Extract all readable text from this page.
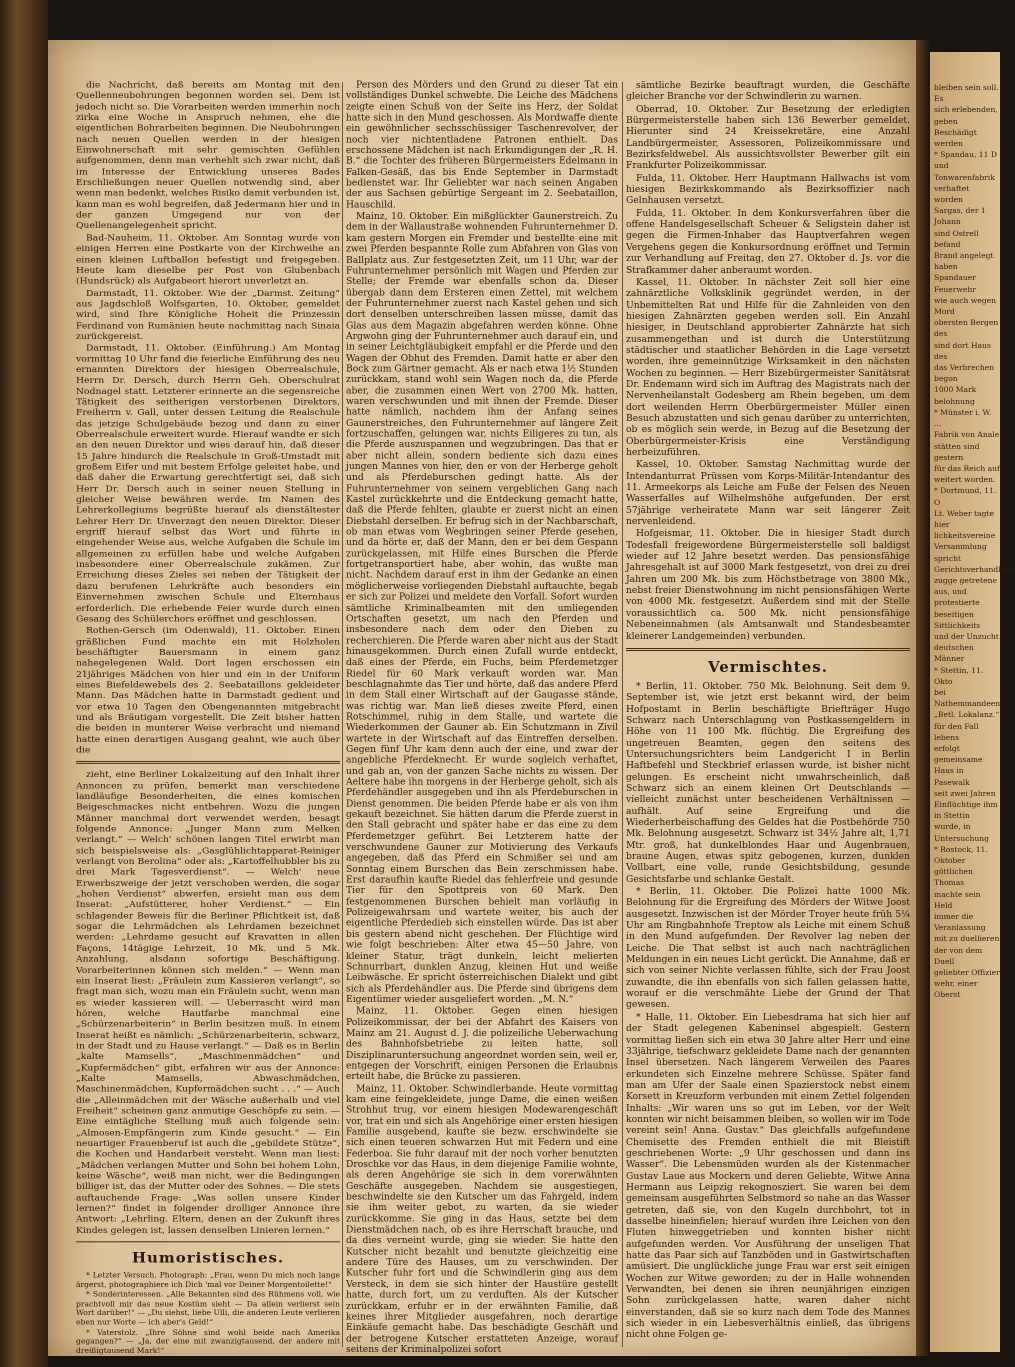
die Nachricht, daß bereits am Montag mit den Quellenneubohrungen begonnen worden sei. Dem ist jedoch nicht so. Die Vorarbeiten werden immerhin noch zirka eine Woche in Anspruch nehmen, ehe die eigentlichen Bohrarbeiten beginnen. Die Neubohrungen nach neuen Quellen werden in der hiesigen Einwohnerschaft mit sehr gemischten Gefühlen aufgenommen, denn man verhehlt sich zwar nicht, daß im Interesse der Entwicklung unseres Bades Erschließungen neuer Quellen notwendig sind, aber wenn man bedenkt, welches Risiko damit verbunden ist, kann man es wohl begreifen, daß Jedermann hier und in der ganzen Umgegend nur von der Quellenangelegenheit spricht.

Bad-Nauheim, 11. Oktober. Am Sonntag wurde von einigen Herren eine Postkarte von der Kirchweihe an einen kleinen Luftballon befestigt und freigegeben. Heute kam dieselbe per Post von Glubenbach (Hundsrück) als Aufgabeort hierort unverletzt an.

Darmstadt, 11. Oktober. Wie der „Darmst. Zeitung“ aus Jagdschloß Wolfsgarten, 10. Oktober, gemeldet wird, sind Ihre Königliche Hoheit die Prinzessin Ferdinand von Rumänien heute nachmittag nach Sinaia zurückgereist.

Darmstadt, 11. Oktober. (Einführung.) Am Montag vormittag 10 Uhr fand die feierliche Einführung des neu ernannten Direktors der hiesigen Oberrealschule, Herrn Dr. Dersch, durch Herrn Geh. Oberschulrat Nodnagel statt. Letzterer erinnerte an die segensreiche Tätigkeit des seitherigen verstorbenen Direktors, Freiherrn v. Gall, unter dessen Leitung die Realschule das jetzige Schulgebäude bezog und dann zu einer Oberrealschule erweitert wurde. Hierauf wandte er sich an den neuen Direktor und wies darauf hin, daß dieser 15 Jahre hindurch die Realschule in Groß-Umstadt mit großem Eifer und mit bestem Erfolge geleitet habe, und daß daher die Erwartung gerechtfertigt sei, daß sich Herr Dr. Dersch auch in seiner neuen Stellung in gleicher Weise bewähren werde. Im Namen des Lehrerkollegiums begrüßte hierauf als dienstältester Lehrer Herr Dr. Unverzagt den neuen Direktor. Dieser ergriff hierauf selbst das Wort und führte in eingehender Weise aus, welche Aufgaben die Schule im allgemeinen zu erfüllen habe und welche Aufgaben insbesondere einer Oberrealschule zukämen. Zur Erreichung dieses Zieles sei neben der Tätigkeit der dazu berufenen Lehrkräfte auch besonders ein Einvernehmen zwischen Schule und Elternhaus erforderlich. Die erhebende Feier wurde durch einen Gesang des Schülerchors eröffnet und geschlossen.

Rothen-Gersch (im Odenwald), 11. Oktober. Einen gräßlichen Fund machte ein mit Holzholen beschäftigter Bauersmann in einem ganz nahegelegenen Wald. Dort lagen erschossen ein 21jähriges Mädchen von hier und ein in der Uniform eines Biefeldewebels des 2. Seebataillons gekleideter Mann. Das Mädchen hatte in Darmstadt gedient und vor etwa 10 Tagen den Obengenannten mitgebracht und als Bräutigam vorgestellt. Die Zeit bisher hatten die beiden in munterer Weise verbracht und niemand hatte einen derartigen Ausgang geahnt, wie auch über die

zieht, eine Berliner Lokalzeitung auf den Inhalt ihrer Annoncen zu prüfen, bemerkt man verschiedene landläufige Besonderheiten, die eines komischen Beigeschmackes nicht entbehren. Wozu die jungen Männer manchmal dort verwendet werden, besagt folgende Annonce: „Junger Mann zum Melken verlangt.“ — Welch' schönen langen Titel erwirbt man sich beispielsweise als: „Gasglühlichtapparat-Reiniger verlangt von Berolina“ oder als: „Kartoffelhubbler bis zu drei Mark Tagesverdienst“. — Welch' neue Erwerbszweige der jetzt verschoben werden, die sogar „hohen Verdienst“ abwerfen, ersieht man aus dem Inserat: „Aufstütterer, hoher Verdienst.“ — Ein schlagender Beweis für die Berliner Pflichtkeit ist, daß sogar die Lehrmädchen als Lehrdamen bezeichnet werden: „Lehrdame gesucht auf Kravatten in allen Façons, 14tägige Lehrzeit, 10 Mk. und 5 Mk. Anzahlung, alsdann sofortige Beschäftigung. Vorarbeiterinnen können sich melden.“ — Wenn man ein Inserat liest: „Fräulein zum Kassieren verlangt“, so fragt man sich, wozu man ein Fräulein sucht, wenn man es wieder kassieren will. — Ueberrascht wird man hören, welche Hautfarbe manchmal eine „Schürzenarbeiterin“ in Berlin besitzen muß. In einem Inserat heißt es nämlich: „Schürzenarbeiterin, schwarz, in der Stadt und zu Hause verlangt.“ — Daß es in Berlin „kalte Mamsells“, „Maschinenmädchen“ und „Kupfermädchen“ gibt, erfahren wir aus der Annonce: „Kalte Mamsells, Abwaschmädchen, Maschinenmädchen, Kupfermädchen sucht . . .“ — Auch die „Alleinmädchen mit der Wäsche außerhalb und viel Freiheit“ scheinen ganz anmutige Geschöpfe zu sein. — Eine eintägliche Stellung muß auch folgende sein: „Almosen-Empfängerin zum Kinde gesucht.“ — Ein neuartiger Frauenberuf ist auch die „gebildete Stütze“, die Kochen und Handarbeit versteht. Wenn man liest: „Mädchen verlangen Mutter und Sohn bei hohem Lohn, keine Wäsche“, weiß man nicht, wer die Bedingungen billiger ist, das der Mutter oder des Sohnes. — Die stets auftauchende Frage: „Was sollen unsere Kinder lernen?“ findet in folgender drolliger Annonce ihre Antwort: „Lehrling. Eltern, denen an der Zukunft ihres Kindes gelegen ist, lassen denselben Linieren lernen.“

Humoristisches.

* Letzter Versuch. Photograph: „Frau, wenn Du mich noch lange ärgerst, photographiere ich Dich 'mal vor Deiner Morgentoilette!“

* Sonderinteressen. „Alle Bekannten sind des Rühmens voll, wie prachtvoll mir das neue Kostüm sieht — Da allein verlierst sein Wort darüber!“ — „Du siehst, liebe Ulli, die anderen Leute verlieren eben nur Worte — ich aber's Geld!“

* Vaterstolz. „Ihre Söhne sind wohl beide nach Amerika gegangen?“ — „Ja, der eine mit zwanzigtausend, der andere mit dreißigtausend Mark!“

Person des Mörders und den Grund zu dieser Tat ein vollständiges Dunkel schwebte. Die Leiche des Mädchens zeigte einen Schuß von der Seite ins Herz, der Soldat hatte sich in den Mund geschossen. Als Mordwaffe diente ein gewöhnlicher sechsschüssiger Taschenrevolver, der noch vier nichtentladene Patronen enthielt. Das erschossene Mädchen ist nach Erkundigungen der „R. H. B.“ die Tochter des früheren Bürgermeisters Edelmann in Falken-Gesäß, das bis Ende September in Darmstadt bedienstet war. Ihr Geliebter war nach seinen Angaben der aus Sachsen gebürtige Sergeant im 2. Seebataillon, Hauschild.

Mainz, 10. Oktober. Ein mißglückter Gaunerstreich. Zu dem in der Wallaustraße wohnenden Fuhrunternehmer D. kam gestern Morgen ein Fremder und bestellte eine mit zwei Pferden bespannte Rolle zum Abfahren von Glas von Ballplatz aus. Zur festgesetzten Zeit, um 11 Uhr, war der Fuhrunternehmer persönlich mit Wagen und Pferden zur Stelle; der Fremde war ebenfalls schon da. Dieser übergab dann dem Ersteren einen Zettel, mit welchem der Fuhrunternehmer zuerst nach Kastel gehen und sich dort denselben unterschreiben lassen müsse, damit das Glas aus dem Magazin abgefahren werden könne. Ohne Argwohn ging der Fuhrunternehmer auch darauf ein, und in seiner Leichtgläubigkeit empfahl er die Pferde und den Wagen der Obhut des Fremden. Damit hatte er aber den Bock zum Gärtner gemacht. Als er nach etwa 1½ Stunden zurückkam, stand wohl sein Wagen noch da, die Pferde aber, die zusammen einen Wert von 2700 Mk. hatten, waren verschwunden und mit ihnen der Fremde. Dieser hatte nämlich, nachdem ihm der Anfang seines Gaunerstreiches, den Fuhrunternehmer auf längere Zeit fortzuschaffen, gelungen war, nichts Eiligeres zu tun, als die Pferde auszuspannen und wegzubringen. Das that er aber nicht allein, sondern bediente sich dazu eines jungen Mannes von hier, den er von der Herberge geholt und als Pferdeburschen gedingt hatte. Als der Fuhrunternehmer von seinem vergeblichen Gang nach Kastel zurückkehrte und die Entdeckung gemacht hatte, daß die Pferde fehlten, glaubte er zuerst nicht an einen Diebstahl derselben. Er befrug sich in der Nachbarschaft, ob man etwas vom Wegbringen seiner Pferde gesehen, und da hörte er, daß der Mann, den er bei dem Gespann zurückgelassen, mit Hilfe eines Burschen die Pferde fortgetransportiert habe, aber wohin, das wußte man nicht. Nachdem darauf erst in ihm der Gedanke an einen möglicherweise vorliegenden Diebstahl auftauchte, begab er sich zur Polizei und meldete den Vorfall. Sofort wurden sämtliche Kriminalbeamten mit den umliegenden Ortschaften gesetzt, um nach den Pferden und insbesondere nach dem oder den Dieben zu recherchieren. Die Pferde waren aber nicht aus der Stadt hinausgekommen. Durch einen Zufall wurde entdeckt, daß eines der Pferde, ein Fuchs, beim Pferdemetzger Riedel für 60 Mark verkauft worden war. Man beschlagnahmte das Tier und hörte, daß das andere Pferd in dem Stall einer Wirtschaft auf der Gaugasse stände, was richtig war. Man ließ dieses zweite Pferd, einen Rotschimmel, ruhig in dem Stalle, und wartete die Wiederkommen der Gauner ab. Ein Schutzmann in Zivil wartete in der Wirtschaft auf das Eintreffen derselben. Gegen fünf Uhr kam denn auch der eine, und zwar der angebliche Pferdeknecht. Er wurde sogleich verhaftet, und gab an, von der ganzen Sache nichts zu wissen. Der Aeltere habe ihn morgens in der Herberge geholt, sich als Pferdehändler ausgegeben und ihn als Pferdeburschen in Dienst genommen. Die beiden Pferde habe er als von ihm gekauft bezeichnet. Sie hätten darum die Pferde zuerst in den Stall gebracht und später habe er das eine zu dem Pferdemetzger geführt. Bei Letzterem hatte der verschwundene Gauner zur Motivierung des Verkaufs angegeben, daß das Pferd ein Schmißer sei und am Sonntag einem Burschen das Bein zerschmissen habe. Erst daraufhin kaufte Riedel das fehlerfreie und gesunde Tier für den Spottpreis von 60 Mark. Den festgenommenen Burschen behielt man vorläufig in Polizeigewahrsam und wartete weiter, bis auch der eigentliche Pferdedieb sich einstellen würde. Das ist aber bis gestern abend nicht geschehen. Der Flüchtige wird wie folgt beschrieben: Alter etwa 45—50 Jahre, von kleiner Statur, trägt dunkeln, leicht melierten Schnurrbart, dunklen Anzug, kleinen Hut und weiße Leibwäsche. Er spricht österreichischen Dialekt und gibt sich als Pferdehändler aus. Die Pferde sind übrigens dem Eigentümer wieder ausgeliefert worden. „M. N.“

Mainz, 11. Oktober. Gegen einen hiesigen Polizeikommissar, der bei der Abfahrt des Kaisers von Mainz am 21. August d. J. die polizeiliche Ueberwachung des Bahnhofsbetriebe zu leiten hatte, soll Disziplinaruntersuchung angeordnet worden sein, weil er, entgegen der Vorschrift, einigen Personen die Erlaubnis erteilt habe, die Brücke zu passieren.

Mainz, 11. Oktober. Schwindlerbande. Heute vormittag kam eine feingekleidete, junge Dame, die einen weißen Strohhut trug, vor einem hiesigen Modewarengeschäft vor, trat ein und sich als Angehörige einer ersten hiesigen Familie ausgebend, kaufte sie bezw. erschwindelte sie sich einen teueren schwarzen Hut mit Federn und eine Federboa. Sie fuhr darauf mit der noch vorher benutzten Droschke vor das Haus, in dem diejenige Familie wohnte, als deren Angehörige sie sich in dem vorerwähnten Geschäfte ausgegeben. Nachdem sie ausgestiegen, beschwindelte sie den Kutscher um das Fahrgeld, indem sie ihm weiter gebot, zu warten, da sie wieder zurückkomme. Sie ging in das Haus, setzte bei dem Dienstmädchen nach, ob es ihre Herrschaft brauche, und da dies verneint wurde, ging sie wieder. Sie hatte den Kutscher nicht bezahlt und benutzte gleichzeitig eine andere Türe des Hauses, um zu verschwinden. Der Kutscher fuhr fort und die Schwindlerin ging aus dem Versteck, in dem sie sich hinter der Haustüre gestellt hatte, durch fort, um zu verduften. Als der Kutscher zurückkam, erfuhr er in der erwähnten Familie, daß keines ihrer Mitglieder ausgefahren, noch derartige Einkäufe gemacht habe. Das beschädigte Geschäft und der betrogene Kutscher erstatteten Anzeige, worauf seitens der Kriminalpolizei sofort

sämtliche Bezirke beauftragt wurden, die Geschäfte gleicher Branche vor der Schwindlerin zu warnen.

Oberrad, 10. Oktober. Zur Besetzung der erledigten Bürgermeisterstelle haben sich 136 Bewerber gemeldet. Hierunter sind 24 Kreissekretäre, eine Anzahl Landbürgermeister, Assessoren, Polizeikommissare und Bezirksfeldwebel. Als aussichtsvollster Bewerber gilt ein Frankfurter Polizeikommissar.

Fulda, 11. Oktober. Herr Hauptmann Hallwachs ist vom hiesigen Bezirkskommando als Bezirksoffizier nach Gelnhausen versetzt.

Fulda, 11. Oktober. In dem Konkursverfahren über die offene Handelsgesellschaft Scheuer & Seligstein daher ist gegen die Firmen-Inhaber das Hauptverfahren wegen Vergehens gegen die Konkursordnung eröffnet und Termin zur Verhandlung auf Freitag, den 27. Oktober d. Js. vor die Strafkammer daher anberaumt worden.

Kassel, 11. Oktober. In nächster Zeit soll hier eine zahnärztliche Volksklinik gegründet werden, in der Unbemittelten Rat und Hilfe für die Zahnleiden von den hiesigen Zahnärzten gegeben werden soll. Ein Anzahl hiesiger, in Deutschland approbierter Zahnärzte hat sich zusammengethan und ist durch die Unterstützung städtischer und staatlicher Behörden in die Lage versetzt worden, ihre gemeinnützige Wirksamkeit in den nächsten Wochen zu beginnen. — Herr Bizebürgermeister Sanitätsrat Dr. Endemann wird sich im Auftrag des Magistrats nach der Nervenheilanstalt Godesberg am Rhein begeben, um dem dort weilenden Herrn Oberbürgermeister Müller einen Besuch abzustatten und sich genau darüber zu unterrichten, ob es möglich sein werde, in Bezug auf die Besetzung der Oberbürgermeister-Krisis eine Verständigung herbeizuführen.

Kassel, 10. Oktober. Samstag Nachmittag wurde der Intendanturrat Prüssen vom Korps-Militär-Intendantur des 11. Armeekorps als Leiche am Fuße der Felsen des Neuen Wasserfalles auf Wilhelmshöhe aufgefunden. Der erst 57jährige verheiratete Mann war seit längerer Zeit nervenleidend.

Hofgeismar, 11. Oktober. Die in hiesiger Stadt durch Todesfall freigewordene Bürgermeisterstelle soll baldigst wieder auf 12 Jahre besetzt werden. Das pensionsfähige Jahresgehalt ist auf 3000 Mark festgesetzt, von drei zu drei Jahren um 200 Mk. bis zum Höchstbetrage von 3800 Mk., nebst freier Dienstwohnung im nicht pensionsfähigen Werte von 4000 Mk. festgesetzt. Außerdem sind mit der Stelle voraussichtlich ca. 500 Mk. nicht pensionsfähige Nebeneinnahmen (als Amtsanwalt und Standesbeamter kleinerer Landgemeinden) verbunden.

Vermischtes.

* Berlin, 11. Oktober. 750 Mk. Belohnung. Seit dem 9. September ist, wie jetzt erst bekannt wird, der beim Hofpostamt in Berlin beschäftigte Briefträger Hugo Schwarz nach Unterschlagung von Postkassengeldern in Höhe von 11 100 Mk. flüchtig. Die Ergreifung des ungetreuen Beamten, gegen den seitens des Untersuchungsrichters beim Landgericht I in Berlin Haftbefehl und Steckbrief erlassen wurde, ist bisher nicht gelungen. Es erscheint nicht unwahrscheinlich, daß Schwarz sich an einem kleinen Ort Deutschlands — vielleicht zunächst unter bescheidenen Verhältnissen — aufhält. Auf seine Ergreifung und die Wiederherbeischaffung des Geldes hat die Postbehörde 750 Mk. Belohnung ausgesetzt. Schwarz ist 34½ Jahre alt, 1,71 Mtr. groß, hat dunkelblondes Haar und Augenbrauen, braune Augen, etwas spitz gebogenen, kurzen, dunklen Vollbart, eine volle, runde Gesichtsbildung, gesunde Gesichtsfarbe und schlanke Gestalt.

* Berlin, 11. Oktober. Die Polizei hatte 1000 Mk. Belohnung für die Ergreifung des Mörders der Witwe Joost ausgesetzt. Inzwischen ist der Mörder Troyer heute früh 5¼ Uhr am Ringbahnhofe Treptow als Leiche mit einem Schuß in den Mund aufgefunden. Der Revolver lag neben der Leiche. Die That selbst ist auch nach nachträglichen Meldungen in ein neues Licht gerückt. Die Annahme, daß er sich von seiner Nichte verlassen fühlte, sich der Frau Joost zuwandte, die ihn ebenfalls von sich fallen gelassen hatte, worauf er die verschmähte Liebe der Grund der That gewesen.

* Halle, 11. Oktober. Ein Liebesdrama hat sich hier auf der Stadt gelegenen Kabeninsel abgespielt. Gestern vormittag ließen sich ein etwa 30 Jahre alter Herr und eine 33jährige, tiefschwarz gekleidete Dame nach der genannten Insel übersetzen. Nach längerem Verweilen des Paares erkundeten sich Einzelne mehrere Schüsse. Später fand man am Ufer der Saale einen Spazierstock nebst einem Korsett in Kreuzform verbunden mit einem Zettel folgenden Inhalts: „Wir waren uns so gut im Leben, vor der Welt konnten wir nicht beisammen bleiben, so wollen wir im Tode vereint sein! Anna. Gustav.“ Das gleichfalls aufgefundene Chemisette des Fremden enthielt die mit Bleistift geschriebenen Worte: „9 Uhr geschossen und dann ins Wasser“. Die Lebensmüden wurden als der Kistenmacher Gustav Laue aus Mockern und deren Geliebte, Witwe Anna Hermann aus Leipzig rekognosziert. Sie waren bei dem gemeinsam ausgeführten Selbstmord so nahe an das Wasser getreten, daß sie, von den Kugeln durchbohrt, tot in dasselbe hineinfielen; hierauf wurden ihre Leichen von den Fluten hinweggetrieben und konnten bisher nicht aufgefunden werden. Vor Ausführung der unseligen That hatte das Paar sich auf Tanzböden und in Gastwirtschaften amüsiert. Die unglückliche junge Frau war erst seit einigen Wochen zur Witwe geworden; zu der in Halle wohnenden Verwandten, bei denen sie ihren neunjährigen einzigen Sohn zurückgelassen hatte, waren daher nicht einverstanden, daß sie so kurz nach dem Tode des Mannes sich wieder in ein Liebesverhältnis einließ, das übrigens nicht ohne Folgen ge-

bleiben sein soll. Es
sich erlebenden, geben
Beschädigt werden
* Spandau, 11 D
und Tonwarenfabrik
verhaftet worden
Sargas, der 1 Johann
sind Ostrell befand
Brand angelegt haben
Spandauer Feuerwehr
wie auch wegen Mord
obersten Bergen des
sind dort Haus des
das Verbrechen begon
1000 Mark belohnung
* Münster i. W. ...
Fabrik von Anale
stätten sind gestern
für das Reich auf
weitert worden.
* Dortmund, 11. O
Lt. Weber tagte hier
lichkeitsvereine
Versammlung spricht
Gerichtsverhandlung
zugge getretene
aus, und protestierte
beseitigen Sittlichkeits
und der Unzucht
deutschen Männer
* Stettin, 11. Okto
bei Nathemmandeen
„Betl. Lokalanz.“
für den Fall lebens
erfolgt gemeinsame
Haus in Pasewalk
seit zwei Jahren
Einflüchtige ihm in Stettin
wurde, in Untersuchung
* Rostock, 11. Oktober
göttlichen Thomas
machte sein Held
immer die Veranlassung
mit zu duellieren
der von dem Duell
geliebter Offizier
wehr, einer Oberst
